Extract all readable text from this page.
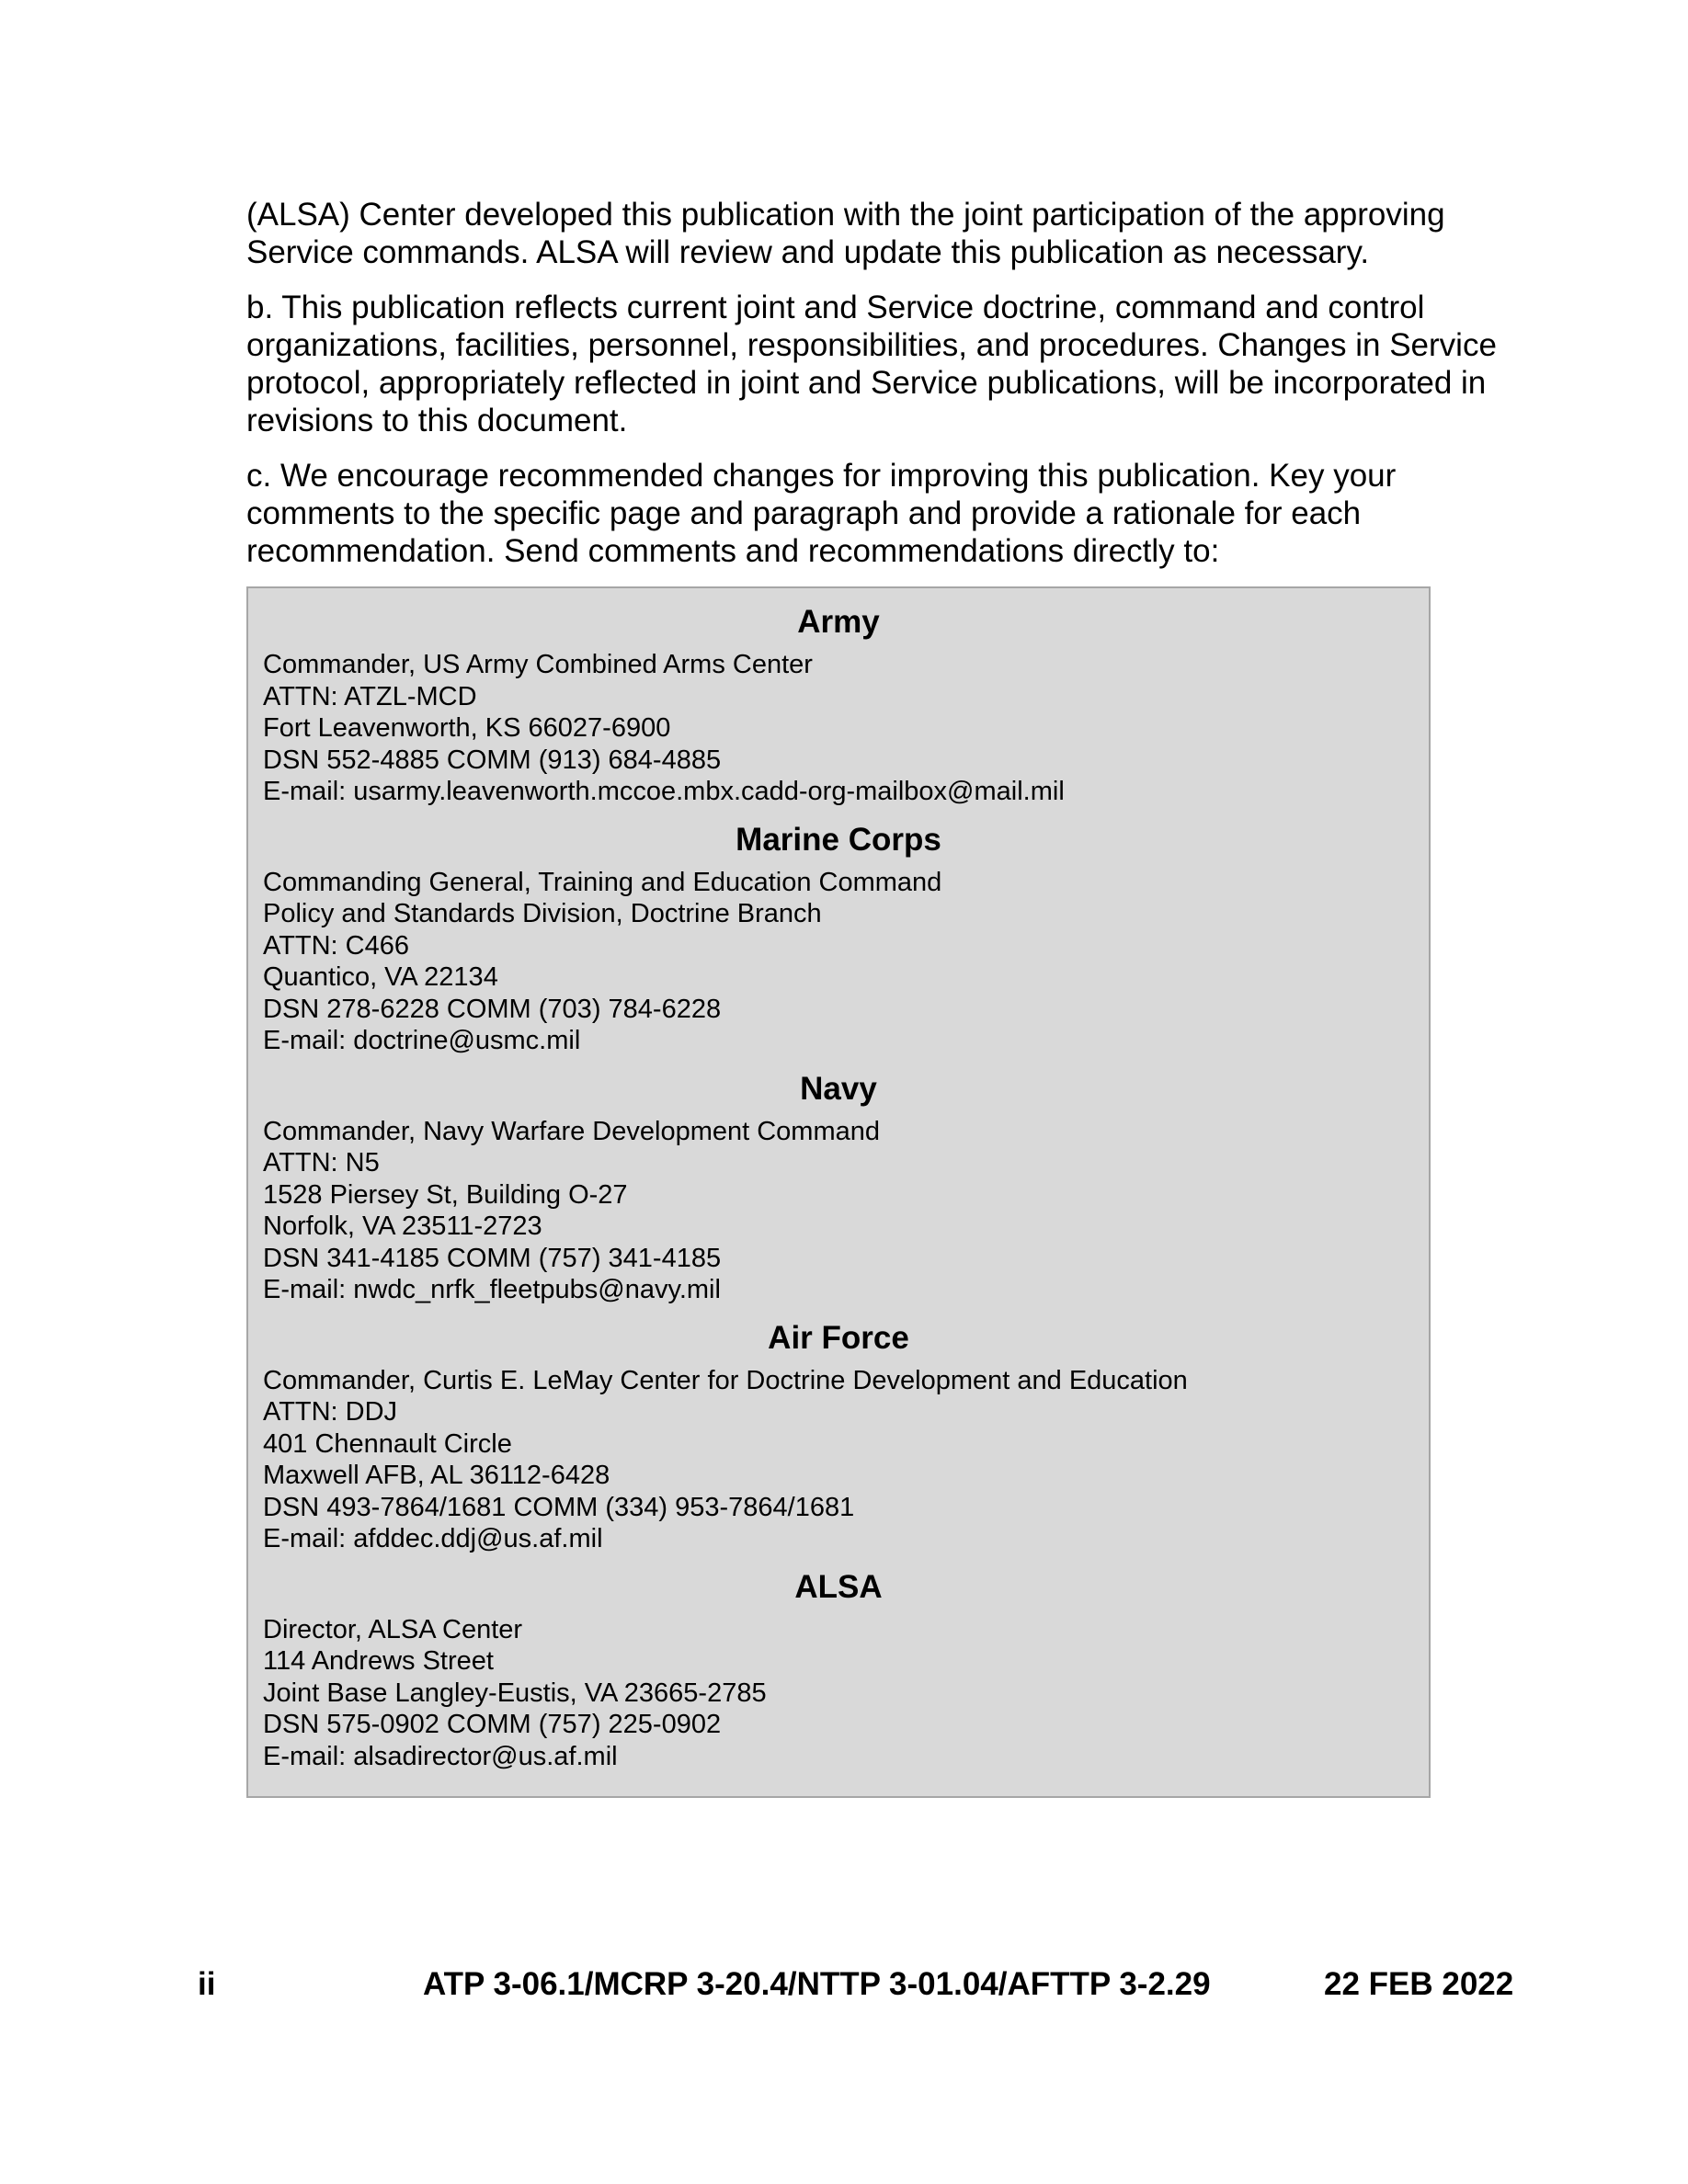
(ALSA) Center developed this publication with the joint participation of the approving Service commands. ALSA will review and update this publication as necessary.

b. This publication reflects current joint and Service doctrine, command and control organizations, facilities, personnel, responsibilities, and procedures. Changes in Service protocol, appropriately reflected in joint and Service publications, will be incorporated in revisions to this document.

c. We encourage recommended changes for improving this publication. Key your comments to the specific page and paragraph and provide a rationale for each recommendation. Send comments and recommendations directly to:

Army
Commander, US Army Combined Arms Center
ATTN: ATZL-MCD
Fort Leavenworth, KS 66027-6900
DSN 552-4885 COMM (913) 684-4885
E-mail: usarmy.leavenworth.mccoe.mbx.cadd-org-mailbox@mail.mil
Marine Corps
Commanding General, Training and Education Command
Policy and Standards Division, Doctrine Branch
ATTN: C466
Quantico, VA 22134
DSN 278-6228 COMM (703) 784-6228
E-mail: doctrine@usmc.mil
Navy
Commander, Navy Warfare Development Command
ATTN: N5
1528 Piersey St, Building O-27
Norfolk, VA 23511-2723
DSN 341-4185 COMM (757) 341-4185
E-mail: nwdc_nrfk_fleetpubs@navy.mil
Air Force
Commander, Curtis E. LeMay Center for Doctrine Development and Education
ATTN: DDJ
401 Chennault Circle
Maxwell AFB, AL 36112-6428
DSN 493-7864/1681 COMM (334) 953-7864/1681
E-mail: afddec.ddj@us.af.mil
ALSA
Director, ALSA Center
114 Andrews Street
Joint Base Langley-Eustis, VA 23665-2785
DSN 575-0902 COMM (757) 225-0902
E-mail: alsadirector@us.af.mil
ii	ATP 3-06.1/MCRP 3-20.4/NTTP 3-01.04/AFTTP 3-2.29	22 FEB 2022
